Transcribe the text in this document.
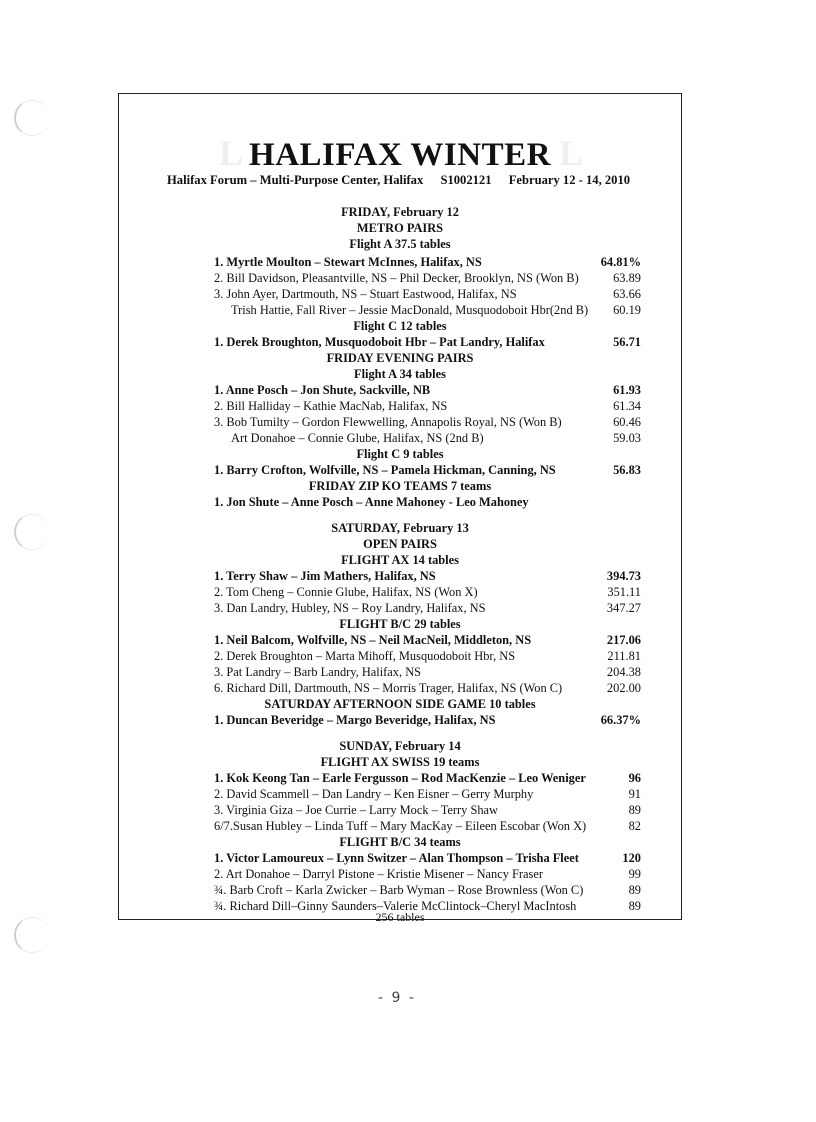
L	L
HALIFAX WINTER
Halifax Forum – Multi-Purpose Center, Halifax S1002121 February 12 - 14, 2010
FRIDAY, February 12
METRO PAIRS
Flight A 37.5 tables
1. Myrtle Moulton – Stewart McInnes, Halifax, NS	64.81%
2. Bill Davidson, Pleasantville, NS – Phil Decker, Brooklyn, NS (Won B)	63.89
3. John Ayer, Dartmouth, NS – Stuart Eastwood, Halifax, NS	63.66
Trish Hattie, Fall River – Jessie MacDonald, Musquodoboit Hbr(2nd B) 60.19
Flight C 12 tables
1. Derek Broughton, Musquodoboit Hbr – Pat Landry, Halifax	56.71
FRIDAY EVENING PAIRS
Flight A 34 tables
1. Anne Posch – Jon Shute, Sackville, NB	61.93
2. Bill Halliday – Kathie MacNab, Halifax, NS	61.34
3. Bob Tumilty – Gordon Flewwelling, Annapolis Royal, NS (Won B)	60.46
Art Donahoe – Connie Glube, Halifax, NS (2nd B)	59.03
Flight C 9 tables
1. Barry Crofton, Wolfville, NS – Pamela Hickman, Canning, NS	56.83
FRIDAY ZIP KO TEAMS 7 teams
1. Jon Shute – Anne Posch – Anne Mahoney - Leo Mahoney
SATURDAY, February 13
OPEN PAIRS
FLIGHT AX 14 tables
1. Terry Shaw – Jim Mathers, Halifax, NS	394.73
2. Tom Cheng – Connie Glube, Halifax, NS (Won X)	351.11
3. Dan Landry, Hubley, NS – Roy Landry, Halifax, NS	347.27
FLIGHT B/C 29 tables
1. Neil Balcom, Wolfville, NS – Neil MacNeil, Middleton, NS	217.06
2. Derek Broughton – Marta Mihoff, Musquodoboit Hbr, NS	211.81
3. Pat Landry – Barb Landry, Halifax, NS	204.38
6. Richard Dill, Dartmouth, NS – Morris Trager, Halifax, NS (Won C)	202.00
SATURDAY AFTERNOON SIDE GAME 10 tables
1. Duncan Beveridge – Margo Beveridge, Halifax, NS	66.37%
SUNDAY, February 14
FLIGHT AX SWISS 19 teams
1. Kok Keong Tan – Earle Fergusson – Rod MacKenzie – Leo Weniger	96
2. David Scammell – Dan Landry – Ken Eisner – Gerry Murphy	91
3. Virginia Giza – Joe Currie – Larry Mock – Terry Shaw	89
6/7.Susan Hubley – Linda Tuff – Mary MacKay – Eileen Escobar (Won X)	82
FLIGHT B/C 34 teams
1. Victor Lamoureux – Lynn Switzer – Alan Thompson – Trisha Fleet	120
2. Art Donahoe – Darryl Pistone – Kristie Misener – Nancy Fraser	99
¾. Barb Croft – Karla Zwicker – Barb Wyman – Rose Brownless (Won C)	89
¾. Richard Dill–Ginny Saunders–Valerie McClintock–Cheryl MacIntosh	89
256 tables
- 9 -
